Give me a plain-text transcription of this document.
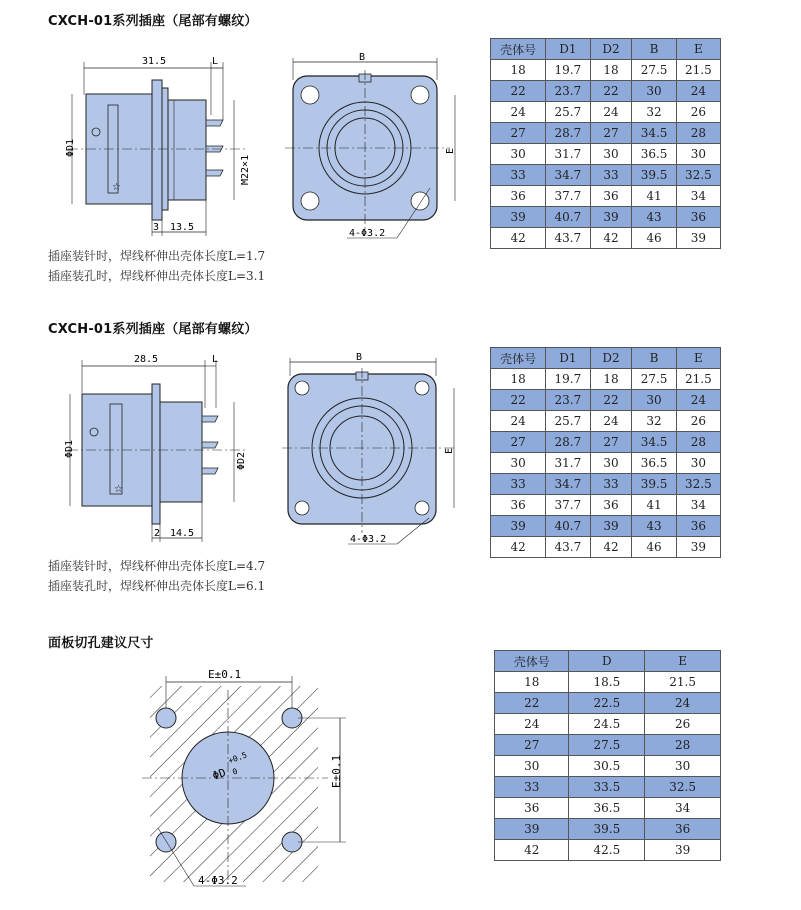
CXCH-01系列插座（尾部有螺纹）
31.5	L
☆
ΦD1
M22×1
3 13.5
B
E
4-Φ3.2
插座装针时，焊线杯伸出壳体长度L=1.7
插座装孔时，焊线杯伸出壳体长度L=3.1
壳体号	D1	D2	B	E
18	19.7	18	27.5	21.5
22	23.7	22	30	24
24	25.7	24	32	26
27	28.7	27	34.5	28
30	31.7	30	36.5	30
33	34.7	33	39.5	32.5
36	37.7	36	41	34
39	40.7	39	43	36
42	43.7	42	46	39
CXCH-01系列插座（尾部有螺纹）
28.5	L
☆
ΦD1
ΦD2
2 14.5
B
E
4-Φ3.2
插座装针时，焊线杯伸出壳体长度L=4.7
插座装孔时，焊线杯伸出壳体长度L=6.1
壳体号	D1	D2	B	E
18	19.7	18	27.5	21.5
22	23.7	22	30	24
24	25.7	24	32	26
27	28.7	27	34.5	28
30	31.7	30	36.5	30
33	34.7	33	39.5	32.5
36	37.7	36	41	34
39	40.7	39	43	36
42	43.7	42	46	39
面板切孔建议尺寸
E±0.1
E±0.1
ΦD
+0.5
0
4-Φ3.2
壳体号	D	E
18	18.5	21.5
22	22.5	24
24	24.5	26
27	27.5	28
30	30.5	30
33	33.5	32.5
36	36.5	34
39	39.5	36
42	42.5	39
